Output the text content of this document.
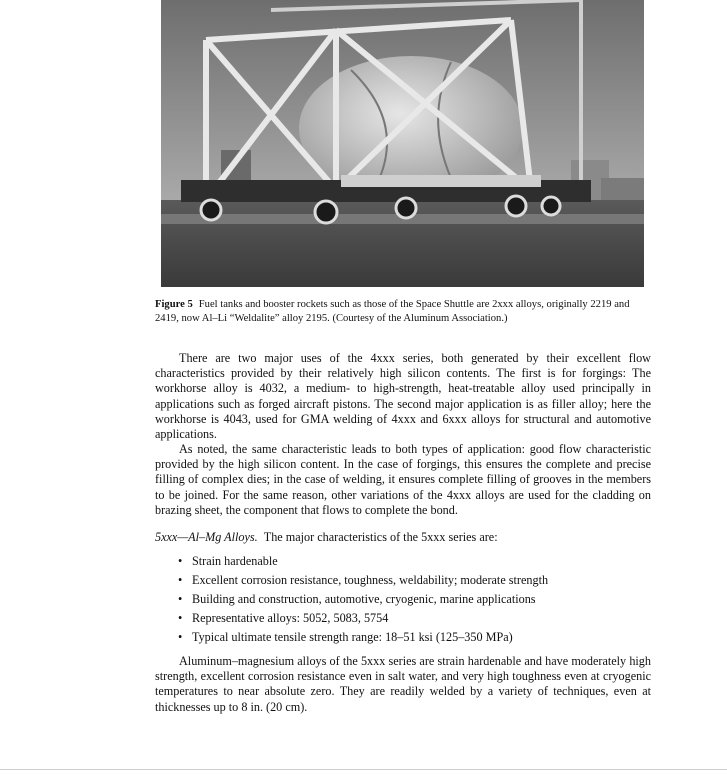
Figure 5 Fuel tanks and booster rockets such as those of the Space Shuttle are 2xxx alloys, originally 2219 and 2419, now Al–Li “Weldalite” alloy 2195. (Courtesy of the Aluminum Association.)

There are two major uses of the 4xxx series, both generated by their excellent flow characteristics provided by their relatively high silicon contents. The first is for forgings: The workhorse alloy is 4032, a medium- to high-strength, heat-treatable alloy used principally in applications such as forged aircraft pistons. The second major application is as filler alloy; here the workhorse is 4043, used for GMA welding of 4xxx and 6xxx alloys for structural and automotive applications.

As noted, the same characteristic leads to both types of application: good flow characteristic provided by the high silicon content. In the case of forgings, this ensures the complete and precise filling of complex dies; in the case of welding, it ensures complete filling of grooves in the members to be joined. For the same reason, other variations of the 4xxx alloys are used for the cladding on brazing sheet, the component that flows to complete the bond.

5xxx—Al–Mg Alloys. The major characteristics of the 5xxx series are:

• Strain hardenable
• Excellent corrosion resistance, toughness, weldability; moderate strength
• Building and construction, automotive, cryogenic, marine applications
• Representative alloys: 5052, 5083, 5754
• Typical ultimate tensile strength range: 18–51 ksi (125–350 MPa)

Aluminum–magnesium alloys of the 5xxx series are strain hardenable and have moderately high strength, excellent corrosion resistance even in salt water, and very high toughness even at cryogenic temperatures to near absolute zero. They are readily welded by a variety of techniques, even at thicknesses up to 8 in. (20 cm).
